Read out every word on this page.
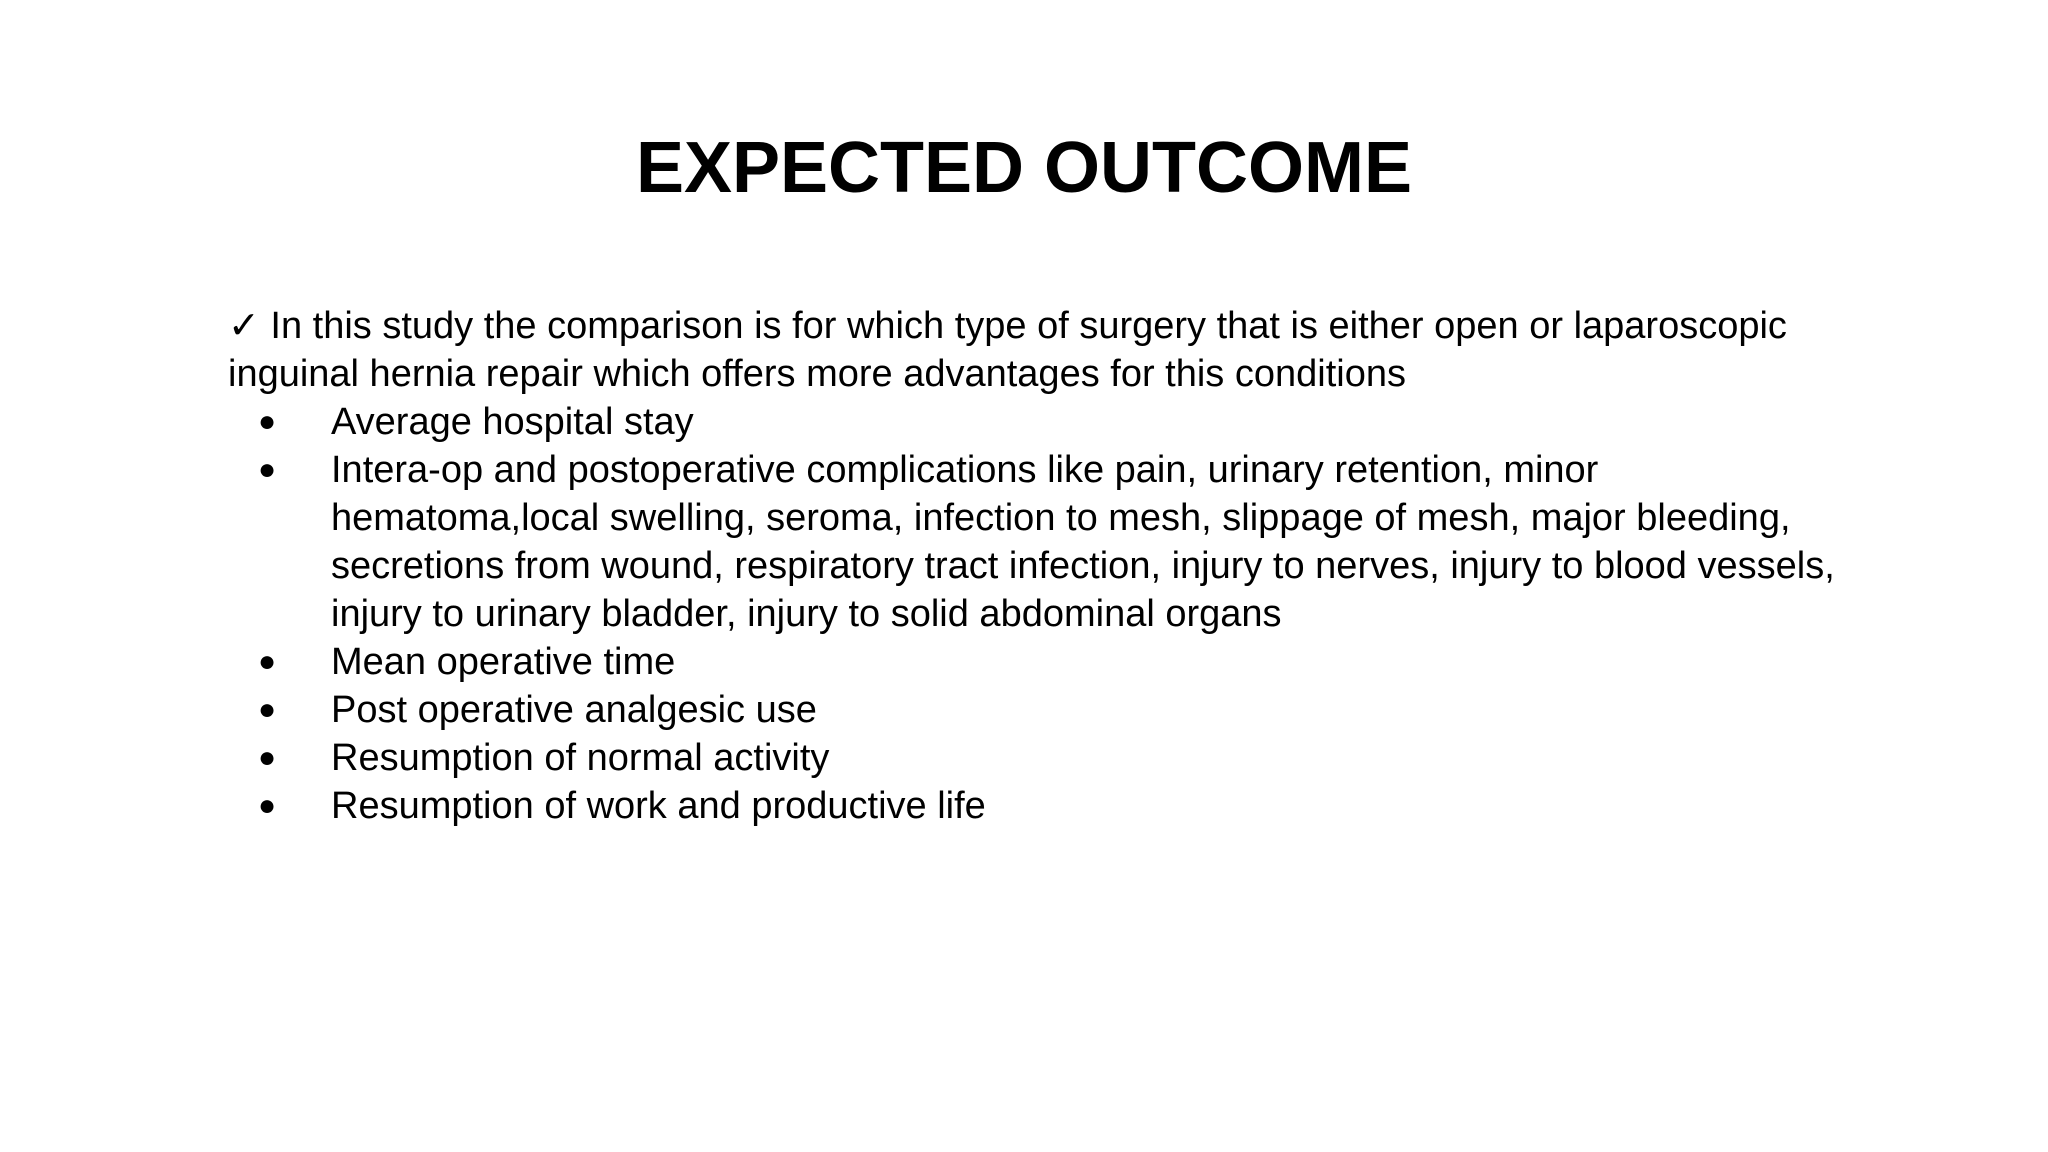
EXPECTED OUTCOME

✓ In this study the comparison is for which type of surgery that is either open or laparoscopic inguinal hernia repair which offers more advantages for this conditions

● Average hospital stay
● Intera-op and postoperative complications like pain, urinary retention, minor hematoma,local swelling, seroma, infection to mesh, slippage of mesh, major bleeding, secretions from wound, respiratory tract infection, injury to nerves, injury to blood vessels, injury to urinary bladder, injury to solid abdominal organs
● Mean operative time
● Post operative analgesic use
● Resumption of normal activity
● Resumption of work and productive life
